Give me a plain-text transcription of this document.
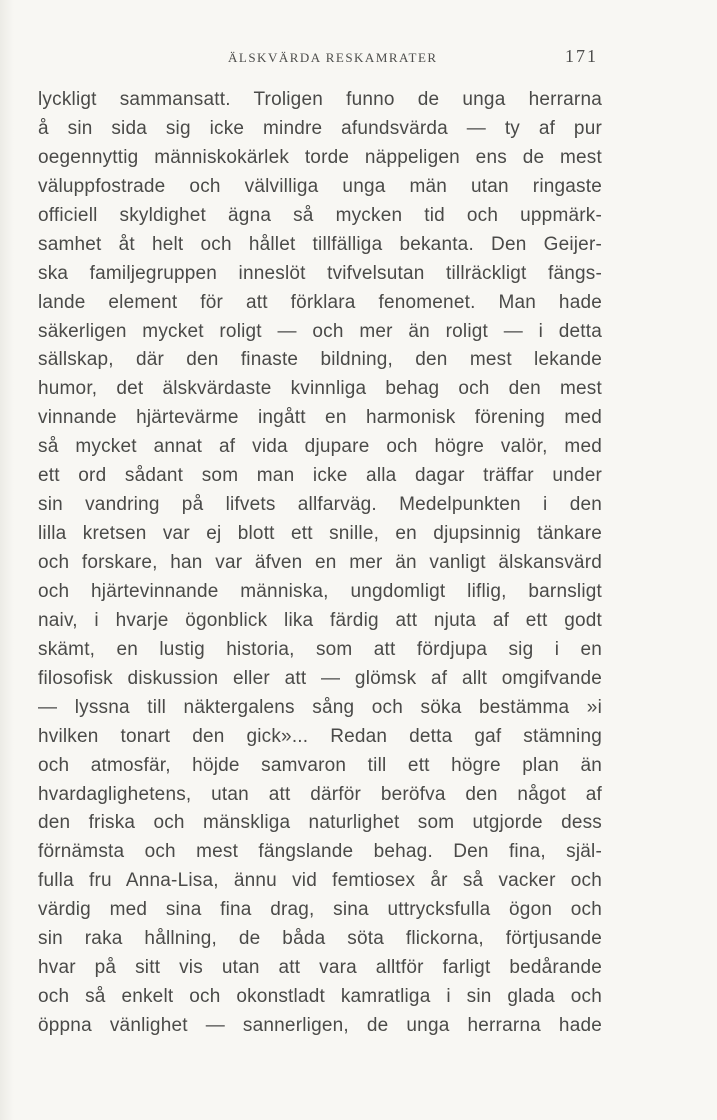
ÄLSKVÄRDA RESKAMRATER	171
lyckligt sammansatt. Troligen funno de unga herrarna
å sin sida sig icke mindre afundsvärda — ty af pur
oegennyttig människokärlek torde näppeligen ens de mest
väluppfostrade och välvilliga unga män utan ringaste
officiell skyldighet ägna så mycken tid och uppmärk-
samhet åt helt och hållet tillfälliga bekanta. Den Geijer-
ska familjegruppen inneslöt tvifvelsutan tillräckligt fängs-
lande element för att förklara fenomenet. Man hade
säkerligen mycket roligt — och mer än roligt — i detta
sällskap, där den finaste bildning, den mest lekande
humor, det älskvärdaste kvinnliga behag och den mest
vinnande hjärtevärme ingått en harmonisk förening med
så mycket annat af vida djupare och högre valör, med
ett ord sådant som man icke alla dagar träffar under
sin vandring på lifvets allfarväg. Medelpunkten i den
lilla kretsen var ej blott ett snille, en djupsinnig tänkare
och forskare, han var äfven en mer än vanligt älskansvärd
och hjärtevinnande människa, ungdomligt liflig, barnsligt
naiv, i hvarje ögonblick lika färdig att njuta af ett godt
skämt, en lustig historia, som att fördjupa sig i en
filosofisk diskussion eller att — glömsk af allt omgifvande
— lyssna till näktergalens sång och söka bestämma »i
hvilken tonart den gick»... Redan detta gaf stämning
och atmosfär, höjde samvaron till ett högre plan än
hvardaglighetens, utan att därför beröfva den något af
den friska och mänskliga naturlighet som utgjorde dess
förnämsta och mest fängslande behag. Den fina, själ-
fulla fru Anna-Lisa, ännu vid femtiosex år så vacker och
värdig med sina fina drag, sina uttrycksfulla ögon och
sin raka hållning, de båda söta flickorna, förtjusande
hvar på sitt vis utan att vara alltför farligt bedårande
och så enkelt och okonstladt kamratliga i sin glada och
öppna vänlighet — sannerligen, de unga herrarna hade
